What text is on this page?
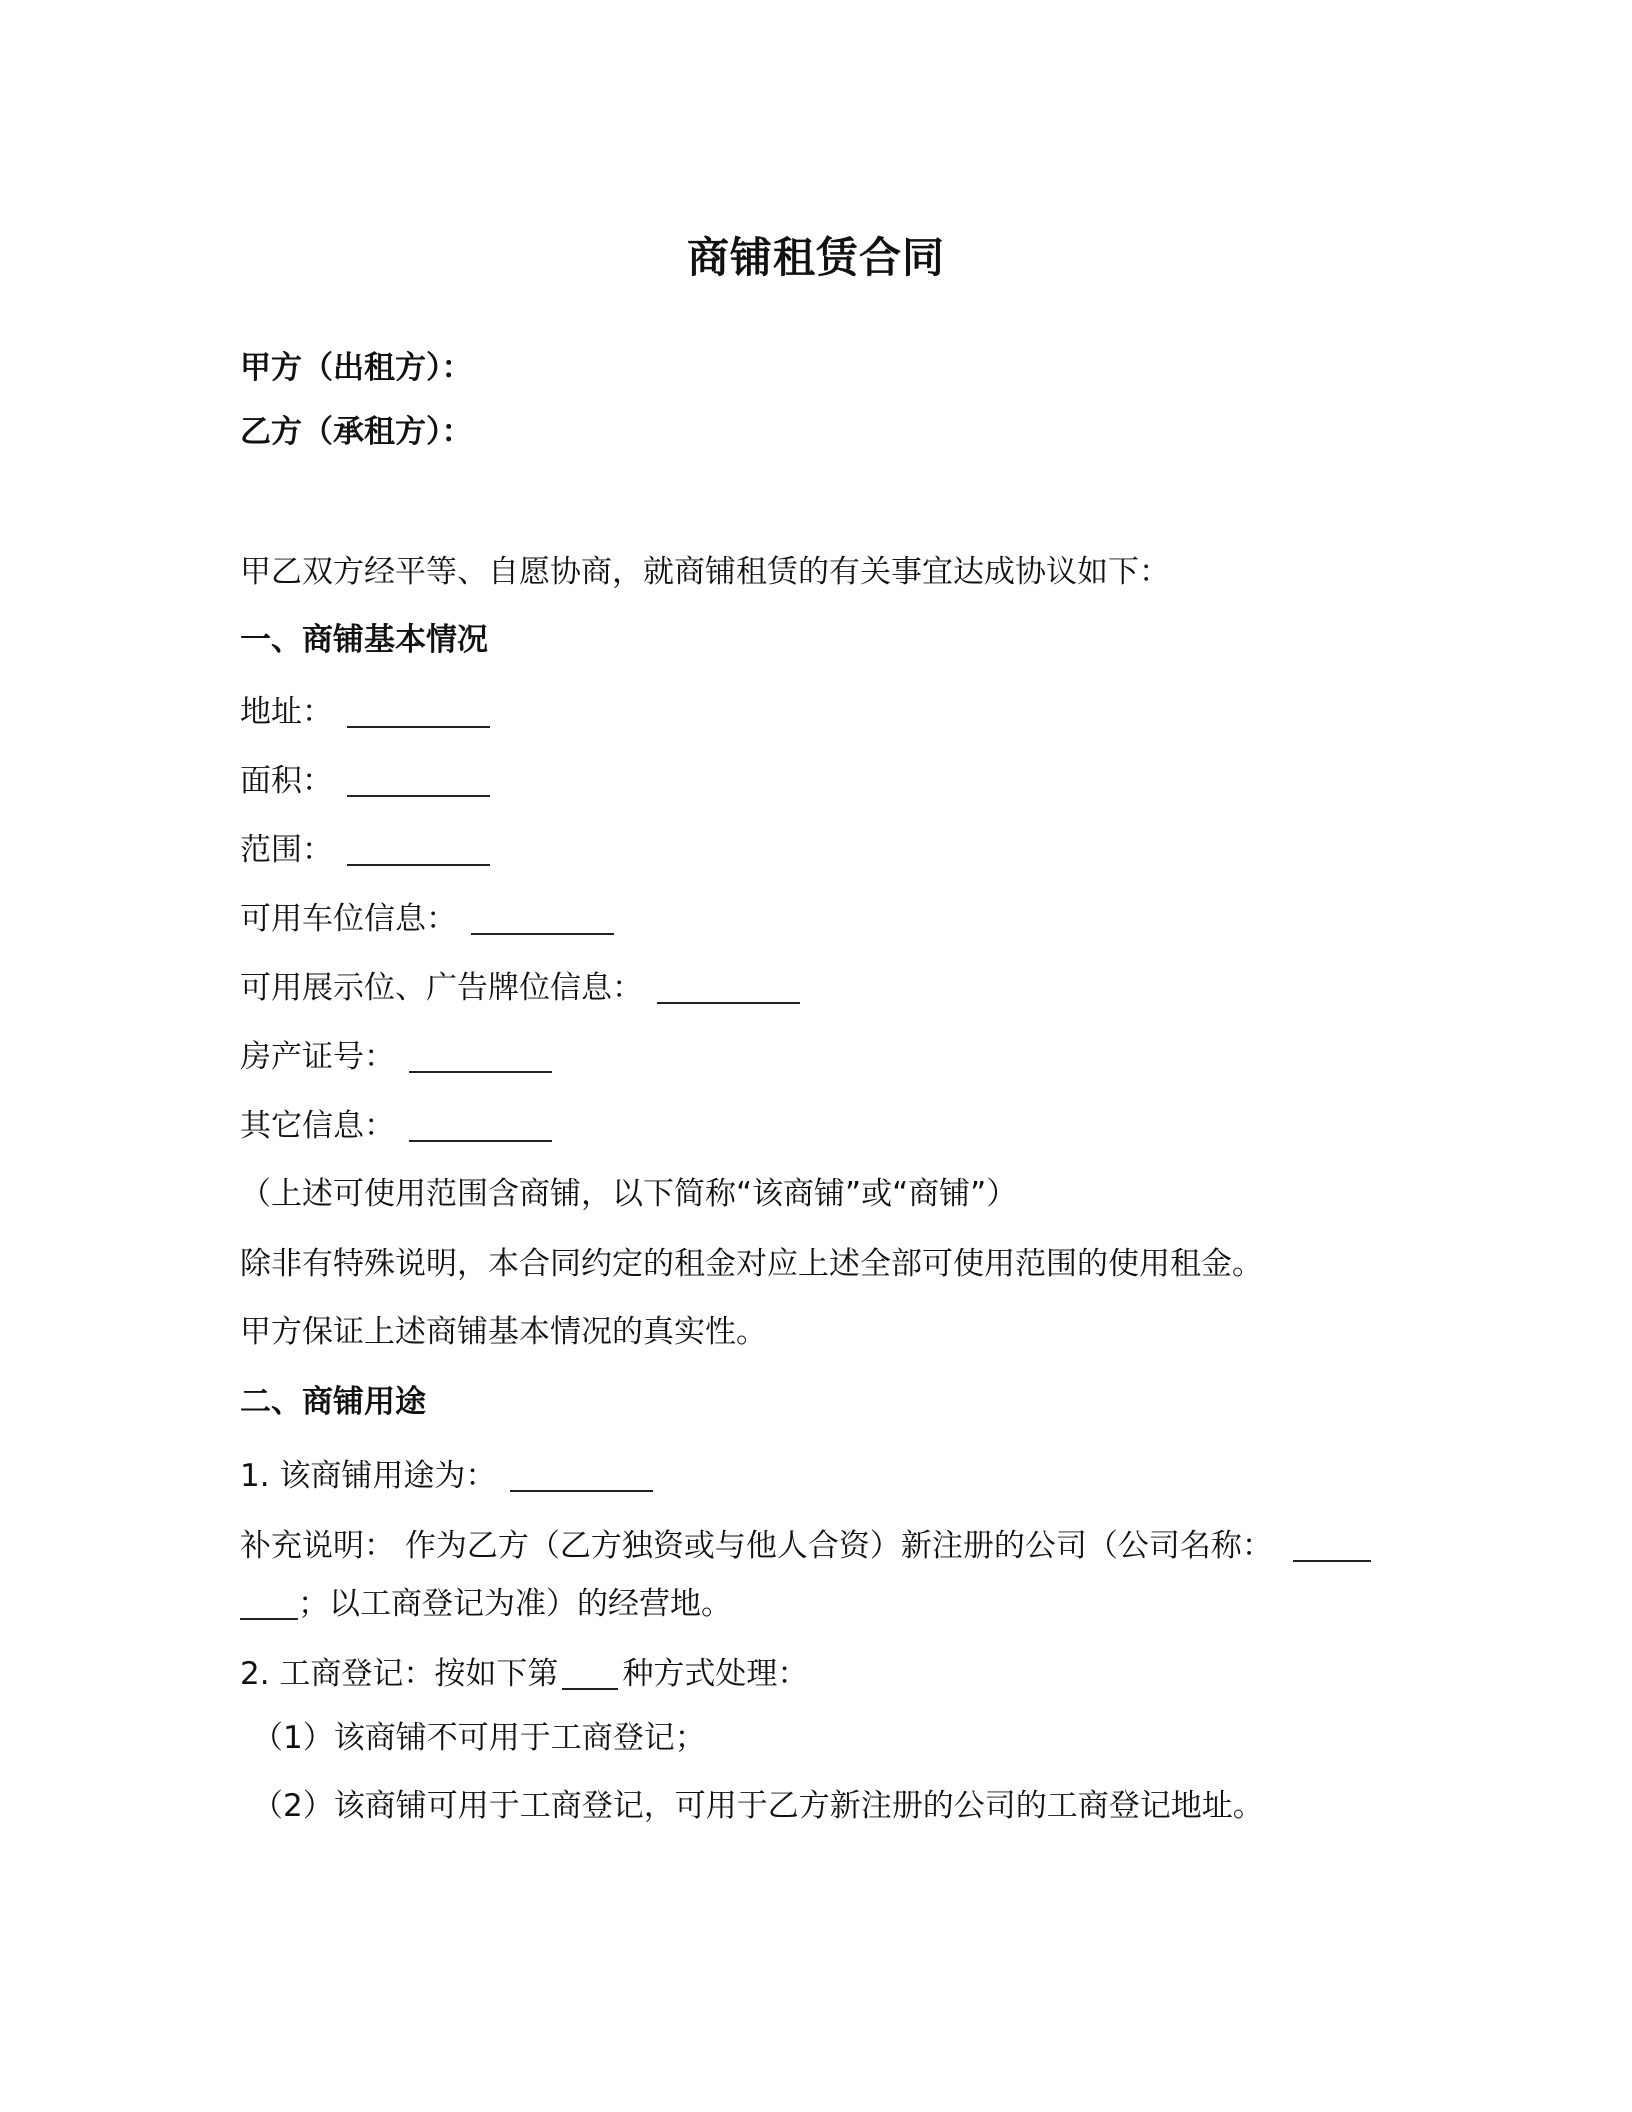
商铺租赁合同
甲方（出租方）：
乙方（承租方）：
甲乙双方经平等、自愿协商，就商铺租赁的有关事宜达成协议如下：
一、商铺基本情况
地址：
面积：
范围：
可用车位信息：
可用展示位、广告牌位信息：
房产证号：
其它信息：
（上述可使用范围含商铺，以下简称“该商铺”或“商铺”）
除非有特殊说明，本合同约定的租金对应上述全部可使用范围的使用租金。
甲方保证上述商铺基本情况的真实性。
二、商铺用途
1. 该商铺用途为：
补充说明： 作为乙方（乙方独资或与他人合资）新注册的公司（公司名称：
；以工商登记为准）的经营地。
2. 工商登记：按如下第 种方式处理：
（1）该商铺不可用于工商登记；
（2）该商铺可用于工商登记，可用于乙方新注册的公司的工商登记地址。
